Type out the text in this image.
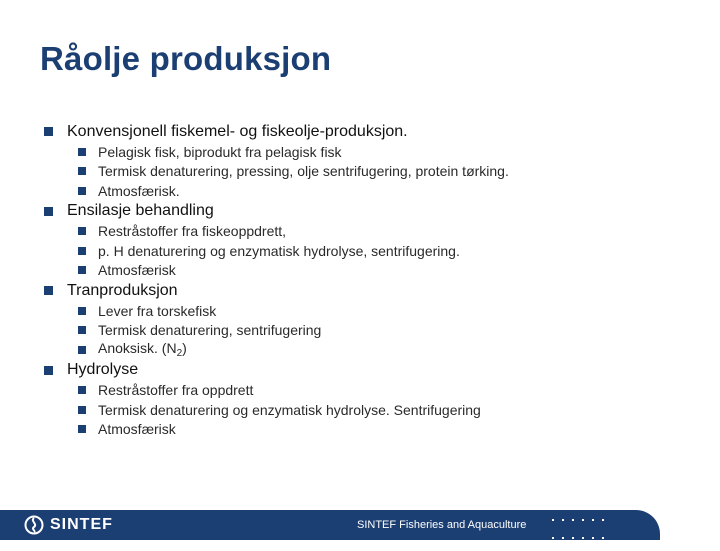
Råolje produksjon
Konvensjonell fiskemel- og fiskeolje-produksjon.
Pelagisk fisk, biprodukt fra pelagisk fisk
Termisk denaturering, pressing, olje sentrifugering, protein tørking.
Atmosfærisk.
Ensilasje behandling
Restråstoffer fra fiskeoppdrett,
p. H denaturering og enzymatisk hydrolyse, sentrifugering.
Atmosfærisk
Tranproduksjon
Lever fra torskefisk
Termisk denaturering, sentrifugering
Anoksisk. $(N_2)$
Hydrolyse
Restråstoffer fra oppdrett
Termisk denaturering og enzymatisk hydrolyse. Sentrifugering
Atmosfærisk
SINTEF	SINTEF Fisheries and Aquaculture
